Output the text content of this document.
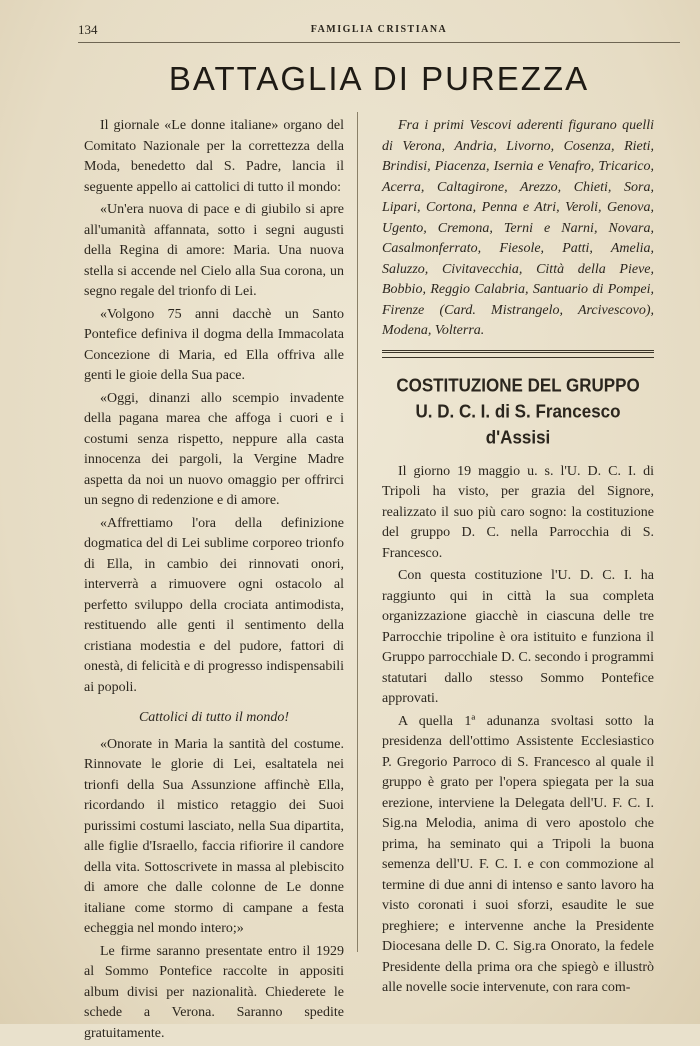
134	FAMIGLIA CRISTIANA
BATTAGLIA DI PUREZZA

Il giornale «Le donne italiane» organo del Comitato Nazionale per la correttezza della Moda, benedetto dal S. Padre, lancia il seguente appello ai cattolici di tutto il mondo:

«Un'era nuova di pace e di giubilo si apre all'umanità affannata, sotto i segni augusti della Regina di amore: Maria. Una nuova stella si accende nel Cielo alla Sua corona, un segno regale del trionfo di Lei.

«Volgono 75 anni dacchè un Santo Pontefice definiva il dogma della Immacolata Concezione di Maria, ed Ella offriva alle genti le gioie della Sua pace.

«Oggi, dinanzi allo scempio invadente della pagana marea che affoga i cuori e i costumi senza rispetto, neppure alla casta innocenza dei pargoli, la Vergine Madre aspetta da noi un nuovo omaggio per offrirci un segno di redenzione e di amore.

«Affrettiamo l'ora della definizione dogmatica del di Lei sublime corporeo trionfo di Ella, in cambio dei rinnovati onori, interverrà a rimuovere ogni ostacolo al perfetto sviluppo della crociata antimodista, restituendo alle genti il sentimento della cristiana modestia e del pudore, fattori di onestà, di felicità e di progresso indispensabili ai popoli.

Cattolici di tutto il mondo!

«Onorate in Maria la santità del costume. Rinnovate le glorie di Lei, esaltatela nei trionfi della Sua Assunzione affinchè Ella, ricordando il mistico retaggio dei Suoi purissimi costumi lasciato, nella Sua dipartita, alle figlie d'Israello, faccia rifiorire il candore della vita. Sottoscrivete in massa al plebiscito di amore che dalle colonne de Le donne italiane come stormo di campane a festa echeggia nel mondo intero;»

Le firme saranno presentate entro il 1929 al Sommo Pontefice raccolte in appositi album divisi per nazionalità. Chiederete le schede a Verona. Saranno spedite gratuitamente.

Fra i primi Vescovi aderenti figurano quelli di Verona, Andria, Livorno, Cosenza, Rieti, Brindisi, Piacenza, Isernia e Venafro, Tricarico, Acerra, Caltagirone, Arezzo, Chieti, Sora, Lipari, Cortona, Penna e Atri, Veroli, Genova, Ugento, Cremona, Terni e Narni, Novara, Casalmonferrato, Fiesole, Patti, Amelia, Saluzzo, Civitavecchia, Città della Pieve, Bobbio, Reggio Calabria, Santuario di Pompei, Firenze (Card. Mistrangelo, Arcivescovo), Modena, Volterra.

COSTITUZIONE DEL GRUPPO
U. D. C. I. di S. Francesco d'Assisi

Il giorno 19 maggio u. s. l'U. D. C. I. di Tripoli ha visto, per grazia del Signore, realizzato il suo più caro sogno: la costituzione del gruppo D. C. nella Parrocchia di S. Francesco.

Con questa costituzione l'U. D. C. I. ha raggiunto qui in città la sua completa organizzazione giacchè in ciascuna delle tre Parrocchie tripoline è ora istituito e funziona il Gruppo parrocchiale D. C. secondo i programmi statutari dallo stesso Sommo Pontefice approvati.

A quella 1ª adunanza svoltasi sotto la presidenza dell'ottimo Assistente Ecclesiastico P. Gregorio Parroco di S. Francesco al quale il gruppo è grato per l'opera spiegata per la sua erezione, interviene la Delegata dell'U. F. C. I. Sig.na Melodia, anima di vero apostolo che prima, ha seminato qui a Tripoli la buona semenza dell'U. F. C. I. e con commozione al termine di due anni di intenso e santo lavoro ha visto coronati i suoi sforzi, esaudite le sue preghiere; e intervenne anche la Presidente Diocesana delle D. C. Sig.ra Onorato, la fedele Presidente della prima ora che spiegò e illustrò alle novelle socie intervenute, con rara com-
